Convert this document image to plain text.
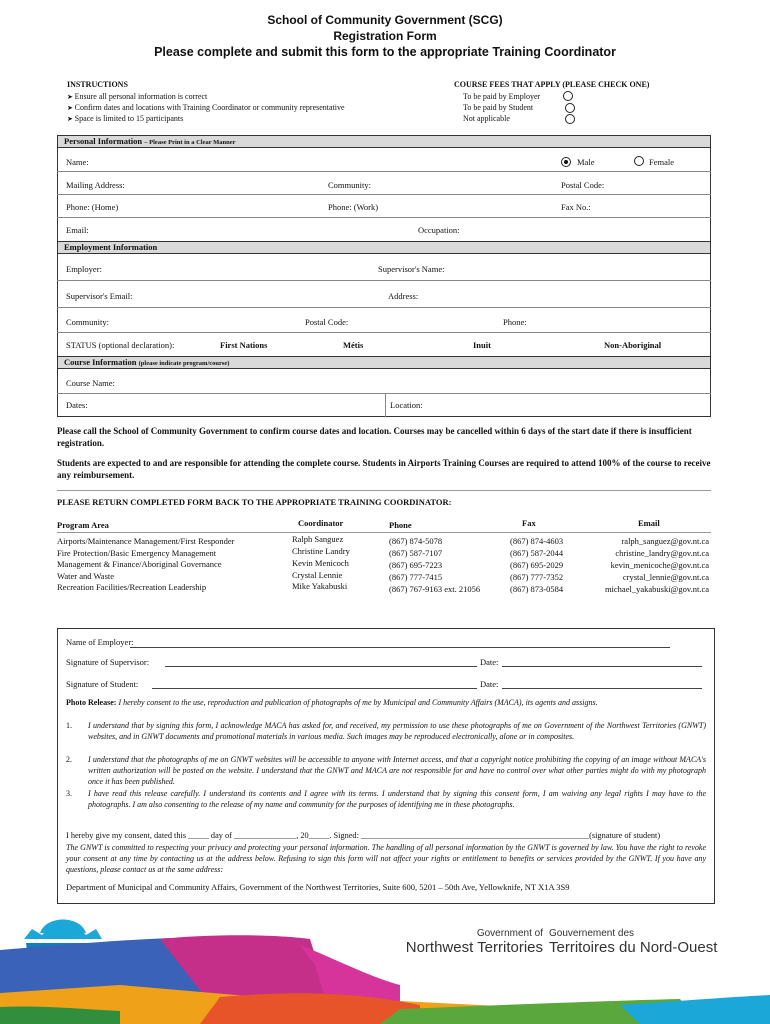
School of Community Government (SCG)
Registration Form
Please complete and submit this form to the appropriate Training Coordinator
INSTRUCTIONS
➤ Ensure all personal information is correct
➤ Confirm dates and locations with Training Coordinator or community representative
➤ Space is limited to 15 participants
COURSE FEES THAT APPLY (PLEASE CHECK ONE)
To be paid by Employer
To be paid by Student
Not applicable
Personal Information – Please Print in a Clear Manner
Name:	Male	Female
Mailing Address:	Community:	Postal Code:
Phone: (Home)	Phone: (Work)	Fax No.:
Email:	Occupation:
Employment Information
Employer:	Supervisor's Name:
Supervisor's Email:	Address:
Community:	Postal Code:	Phone:
STATUS (optional declaration):	First Nations	Métis	Inuit	Non-Aboriginal
Course Information (please indicate program/course)
Course Name:
Dates:	Location:
Please call the School of Community Government to confirm course dates and location. Courses may be cancelled within 6 days of the start date if there is insufficient registration.
Students are expected to and are responsible for attending the complete course. Students in Airports Training Courses are required to attend 100% of the course to receive any reimbursement.
PLEASE RETURN COMPLETED FORM BACK TO THE APPROPRIATE TRAINING COORDINATOR:
Program Area	Coordinator	Phone	Fax	Email
Airports/Maintenance Management/First Responder	Ralph Sanguez	(867) 874-5078	(867) 874-4603	ralph_sanguez@gov.nt.ca
Fire Protection/Basic Emergency Management	Christine Landry	(867) 587-7107	(867) 587-2044	christine_landry@gov.nt.ca
Management & Finance/Aboriginal Governance	Kevin Menicoch	(867) 695-7223	(867) 695-2029	kevin_menicoche@gov.nt.ca
Water and Waste	Crystal Lennie	(867) 777-7415	(867) 777-7352	crystal_lennie@gov.nt.ca
Recreation Facilities/Recreation Leadership	Mike Yakabuski	(867) 767-9163 ext. 21056	(867) 873-0584	michael_yakabuski@gov.nt.ca
Name of Employer:
Signature of Supervisor:	Date:
Signature of Student:	Date:
Photo Release: I hereby consent to the use, reproduction and publication of photographs of me by Municipal and Community Affairs (MACA), its agents and assigns.
1. I understand that by signing this form, I acknowledge MACA has asked for, and received, my permission to use these photographs of me on Government of the Northwest Territories (GNWT) websites, and in GNWT documents and promotional materials in various media. Such images may be reproduced electronically, alone or in composites.
2. I understand that the photographs of me on GNWT websites will be accessible to anyone with Internet access, and that a copyright notice prohibiting the copying of an image without MACA's written authorization will be posted on the website. I understand that the GNWT and MACA are not responsible for and have no control over what other parties might do with my photograph once it has been published.
3. I have read this release carefully. I understand its contents and I agree with its terms. I understand that by signing this consent form, I am waiving any legal rights I may have to the photographs. I am also consenting to the release of my name and community for the purposes of identifying me in these photographs.
I hereby give my consent, dated this _____ day of _______________, 20_____. Signed: _______________________________________________________(signature of student)
The GNWT is committed to respecting your privacy and protecting your personal information. The handling of all personal information by the GNWT is governed by law. You have the right to revoke your consent at any time by contacting us at the address below. Refusing to sign this form will not affect your rights or entitlement to benefits or services provided by the GNWT. If you have any questions, please contact us at the same address:
Department of Municipal and Community Affairs, Government of the Northwest Territories, Suite 600, 5201 – 50th Ave, Yellowknife, NT X1A 3S9
Government of
Northwest Territories
Gouvernement des
Territoires du Nord-Ouest
